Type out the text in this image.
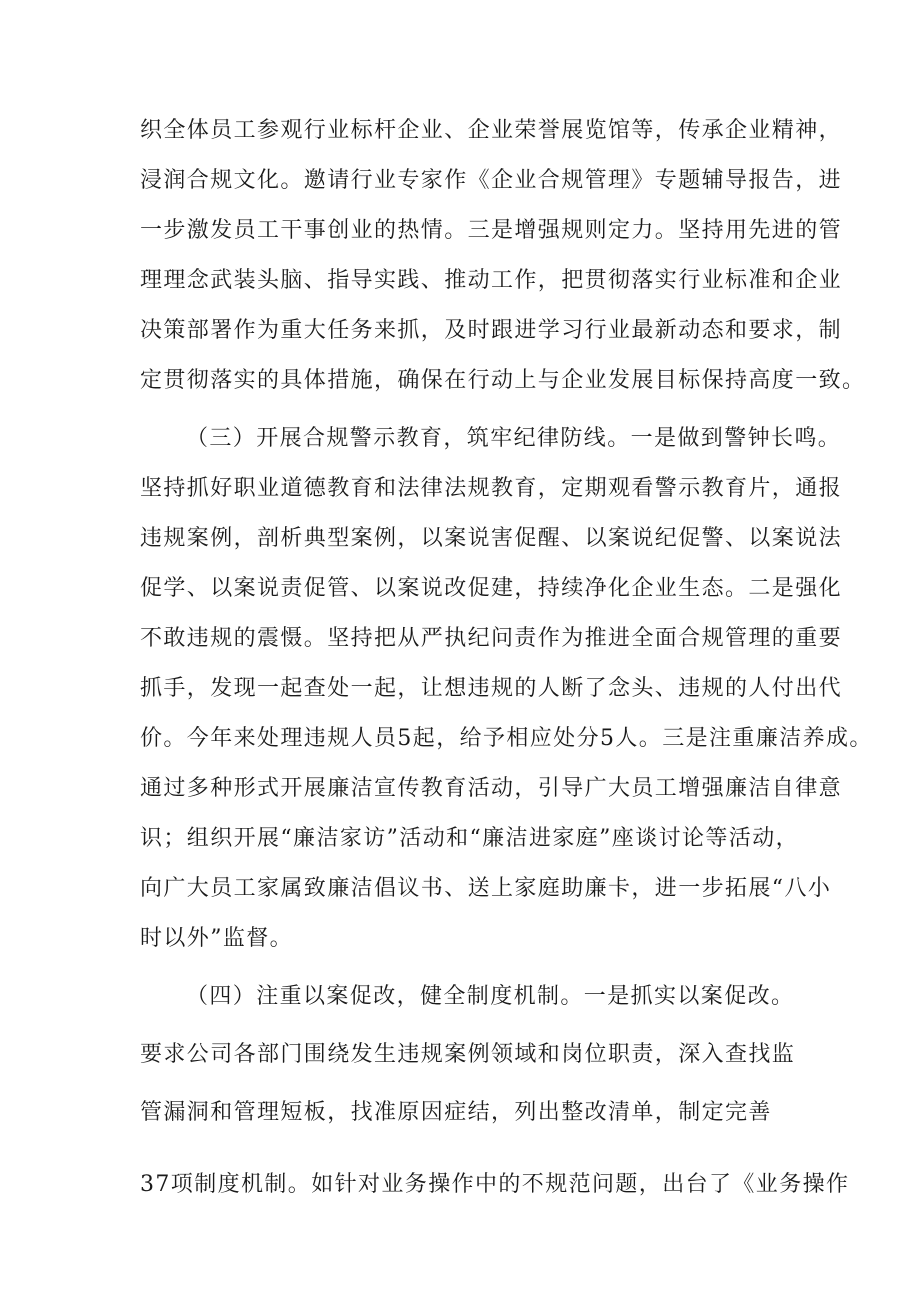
织全体员工参观行业标杆企业、企业荣誉展览馆等，传承企业精神，
浸润合规文化。邀请行业专家作《企业合规管理》专题辅导报告，进
一步激发员工干事创业的热情。三是增强规则定力。坚持用先进的管
理理念武装头脑、指导实践、推动工作，把贯彻落实行业标准和企业
决策部署作为重大任务来抓，及时跟进学习行业最新动态和要求，制
定贯彻落实的具体措施，确保在行动上与企业发展目标保持高度一致。
（三）开展合规警示教育，筑牢纪律防线。一是做到警钟长鸣。
坚持抓好职业道德教育和法律法规教育，定期观看警示教育片，通报
违规案例，剖析典型案例，以案说害促醒、以案说纪促警、以案说法
促学、以案说责促管、以案说改促建，持续净化企业生态。二是强化
不敢违规的震慑。坚持把从严执纪问责作为推进全面合规管理的重要
抓手，发现一起查处一起，让想违规的人断了念头、违规的人付出代
价。今年来处理违规人员5起，给予相应处分5人。三是注重廉洁养成。
通过多种形式开展廉洁宣传教育活动，引导广大员工增强廉洁自律意
识；组织开展“廉洁家访”活动和“廉洁进家庭”座谈讨论等活动，
向广大员工家属致廉洁倡议书、送上家庭助廉卡，进一步拓展“八小
时以外”监督。
（四）注重以案促改，健全制度机制。一是抓实以案促改。
要求公司各部门围绕发生违规案例领域和岗位职责，深入查找监
管漏洞和管理短板，找准原因症结，列出整改清单，制定完善
37项制度机制。如针对业务操作中的不规范问题，出台了《业务操作
